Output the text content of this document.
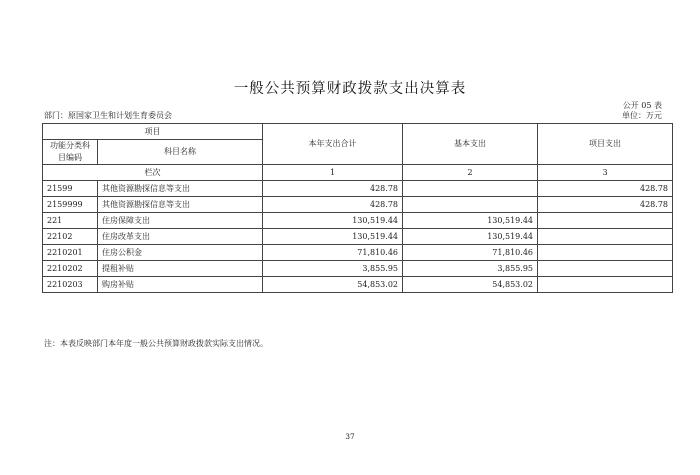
一般公共预算财政拨款支出决算表
公开 05 表
部门：原国家卫生和计划生育委员会	单位：万元
项目		本年支出合计	基本支出	项目支出
功能分类科目编码	科目名称			
栏次		1	2	3
21599	其他资源勘探信息等支出	428.78		428.78
2159999	其他资源勘探信息等支出	428.78		428.78
221	住房保障支出	130,519.44	130,519.44	
22102	住房改革支出	130,519.44	130,519.44	
2210201	住房公积金	71,810.46	71,810.46	
2210202	提租补贴	3,855.95	3,855.95	
2210203	购房补贴	54,853.02	54,853.02	
注：本表反映部门本年度一般公共预算财政拨款实际支出情况。
37
